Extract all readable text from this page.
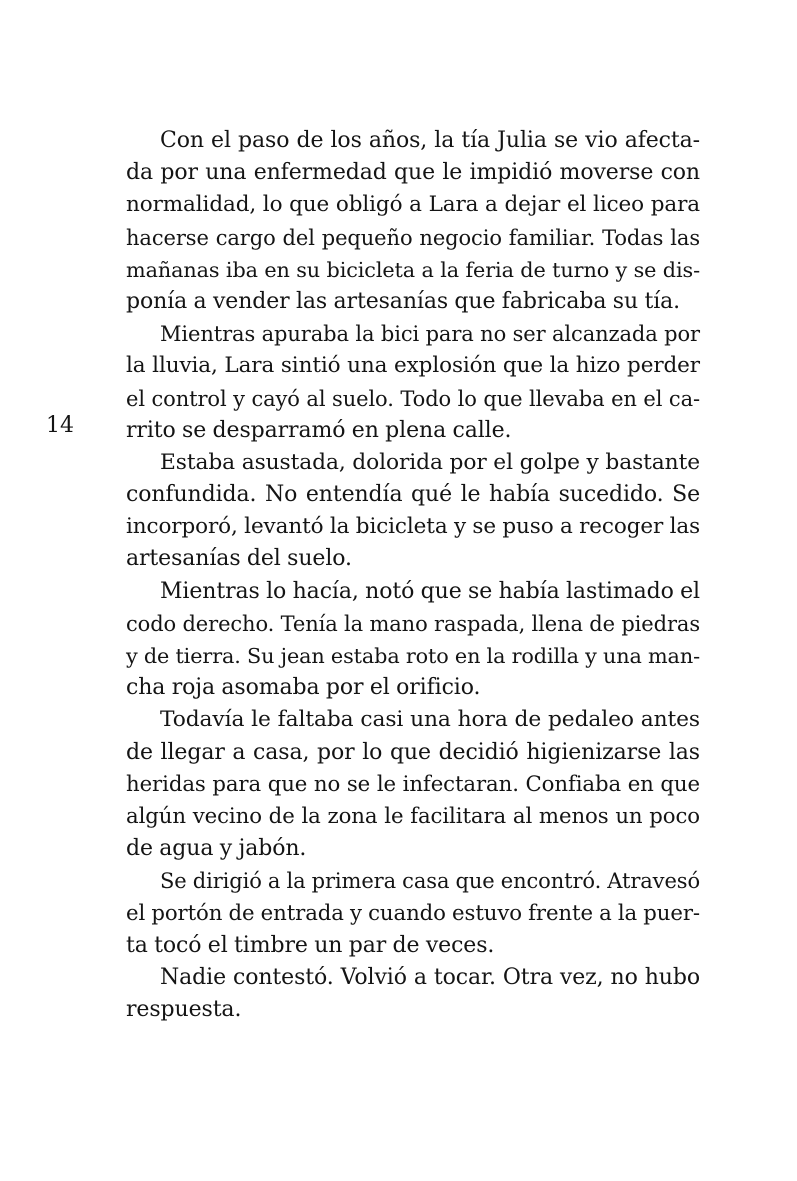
14
Con el paso de los años, la tía Julia se vio afecta-
da por una enfermedad que le impidió moverse con
normalidad, lo que obligó a Lara a dejar el liceo para
hacerse cargo del pequeño negocio familiar. Todas las
mañanas iba en su bicicleta a la feria de turno y se dis-
ponía a vender las artesanías que fabricaba su tía.
Mientras apuraba la bici para no ser alcanzada por
la lluvia, Lara sintió una explosión que la hizo perder
el control y cayó al suelo. Todo lo que llevaba en el ca-
rrito se desparramó en plena calle.
Estaba asustada, dolorida por el golpe y bastante
confundida. No entendía qué le había sucedido. Se
incorporó, levantó la bicicleta y se puso a recoger las
artesanías del suelo.
Mientras lo hacía, notó que se había lastimado el
codo derecho. Tenía la mano raspada, llena de piedras
y de tierra. Su jean estaba roto en la rodilla y una man-
cha roja asomaba por el orificio.
Todavía le faltaba casi una hora de pedaleo antes
de llegar a casa, por lo que decidió higienizarse las
heridas para que no se le infectaran. Confiaba en que
algún vecino de la zona le facilitara al menos un poco
de agua y jabón.
Se dirigió a la primera casa que encontró. Atravesó
el portón de entrada y cuando estuvo frente a la puer-
ta tocó el timbre un par de veces.
Nadie contestó. Volvió a tocar. Otra vez, no hubo
respuesta.
